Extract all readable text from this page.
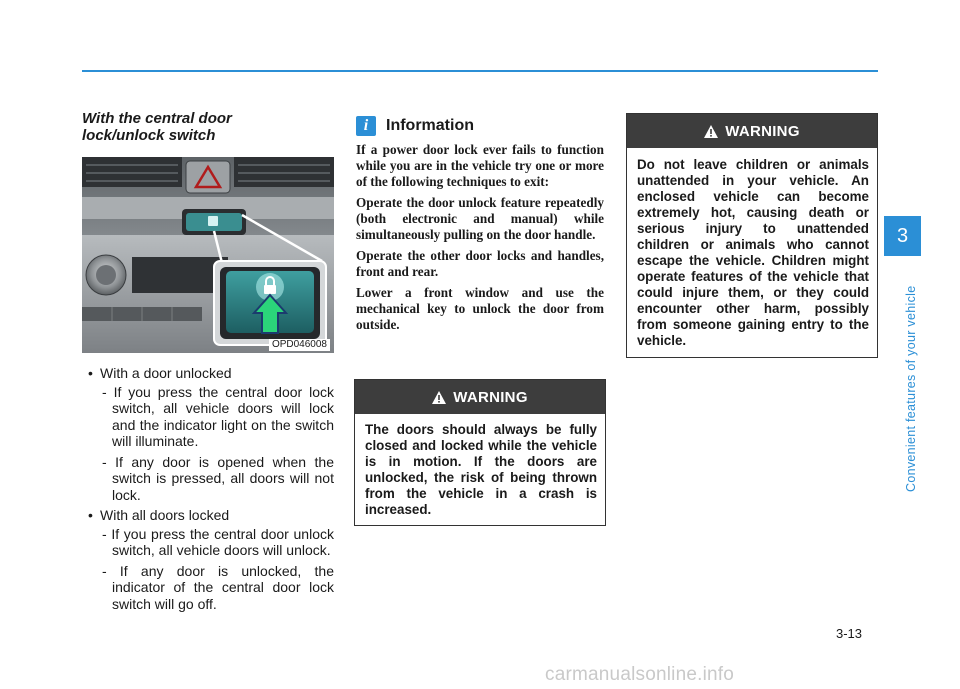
With the central door
lock/unlock switch
OPD046008
• With a door unlocked
- If you press the central door lock switch, all vehicle doors will lock and the indicator light on the switch will illuminate.
- If any door is opened when the switch is pressed, all doors will not lock.
• With all doors locked
- If you press the central door unlock switch, all vehicle doors will unlock.
- If any door is unlocked, the indicator of the central door lock switch will go off.
i	Information

If a power door lock ever fails to function while you are in the vehicle try one or more of the following techniques to exit:

Operate the door unlock feature repeatedly (both electronic and manual) while simultaneously pulling on the door handle.

Operate the other door locks and handles, front and rear.

Lower a front window and use the mechanical key to unlock the door from outside.

WARNING
The doors should always be fully closed and locked while the vehicle is in motion. If the doors are unlocked, the risk of being thrown from the vehicle in a crash is increased.
WARNING
Do not leave children or animals unattended in your vehicle. An enclosed vehicle can become extremely hot, causing death or serious injury to unattended children or animals who cannot escape the vehicle. Children might operate features of the vehicle that could injure them, or they could encounter other harm, possibly from someone gaining entry to the vehicle.
3
Convenient features of your vehicle
3-13
carmanualsonline.info
